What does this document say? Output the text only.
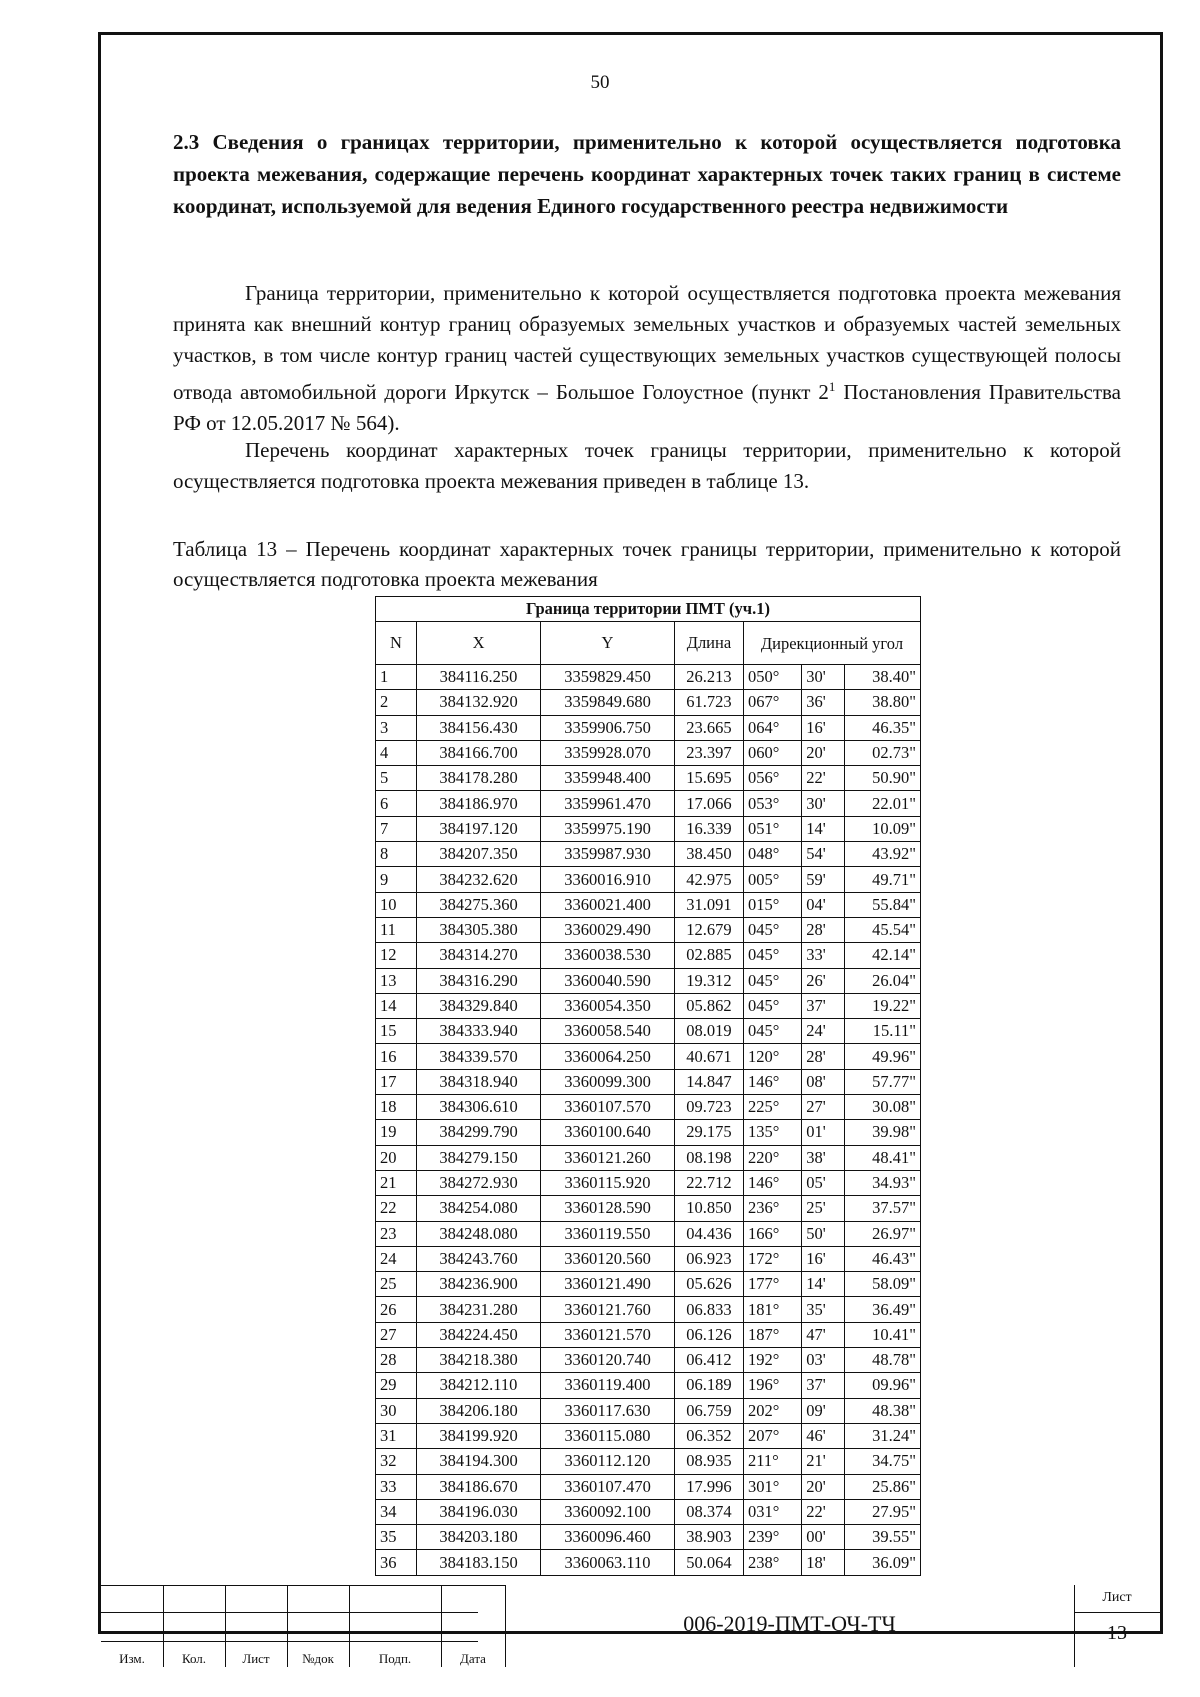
50
2.3 Сведения о границах территории, применительно к которой осуществляется подготовка проекта межевания, содержащие перечень координат характерных точек таких границ в системе координат, используемой для ведения Единого государственного реестра недвижимости
Граница территории, применительно к которой осуществляется подготовка проекта межевания принята как внешний контур границ образуемых земельных участков и образуемых частей земельных участков, в том числе контур границ частей существующих земельных участков существующей полосы отвода автомобильной дороги Иркутск – Большое Голоустное (пункт $2^1$ Постановления Правительства РФ от 12.05.2017 № 564).
Перечень координат характерных точек границы территории, применительно к которой осуществляется подготовка проекта межевания приведен в таблице 13.
Таблица 13 – Перечень координат характерных точек границы территории, применительно к которой осуществляется подготовка проекта межевания
Граница территории ПМТ (уч.1)						
N	X	Y	Длина	Дирекционный угол		
1	384116.250	3359829.450	26.213	050°	30'	38.40"
2	384132.920	3359849.680	61.723	067°	36'	38.80"
3	384156.430	3359906.750	23.665	064°	16'	46.35"
4	384166.700	3359928.070	23.397	060°	20'	02.73"
5	384178.280	3359948.400	15.695	056°	22'	50.90"
6	384186.970	3359961.470	17.066	053°	30'	22.01"
7	384197.120	3359975.190	16.339	051°	14'	10.09"
8	384207.350	3359987.930	38.450	048°	54'	43.92"
9	384232.620	3360016.910	42.975	005°	59'	49.71"
10	384275.360	3360021.400	31.091	015°	04'	55.84"
11	384305.380	3360029.490	12.679	045°	28'	45.54"
12	384314.270	3360038.530	02.885	045°	33'	42.14"
13	384316.290	3360040.590	19.312	045°	26'	26.04"
14	384329.840	3360054.350	05.862	045°	37'	19.22"
15	384333.940	3360058.540	08.019	045°	24'	15.11"
16	384339.570	3360064.250	40.671	120°	28'	49.96"
17	384318.940	3360099.300	14.847	146°	08'	57.77"
18	384306.610	3360107.570	09.723	225°	27'	30.08"
19	384299.790	3360100.640	29.175	135°	01'	39.98"
20	384279.150	3360121.260	08.198	220°	38'	48.41"
21	384272.930	3360115.920	22.712	146°	05'	34.93"
22	384254.080	3360128.590	10.850	236°	25'	37.57"
23	384248.080	3360119.550	04.436	166°	50'	26.97"
24	384243.760	3360120.560	06.923	172°	16'	46.43"
25	384236.900	3360121.490	05.626	177°	14'	58.09"
26	384231.280	3360121.760	06.833	181°	35'	36.49"
27	384224.450	3360121.570	06.126	187°	47'	10.41"
28	384218.380	3360120.740	06.412	192°	03'	48.78"
29	384212.110	3360119.400	06.189	196°	37'	09.96"
30	384206.180	3360117.630	06.759	202°	09'	48.38"
31	384199.920	3360115.080	06.352	207°	46'	31.24"
32	384194.300	3360112.120	08.935	211°	21'	34.75"
33	384186.670	3360107.470	17.996	301°	20'	25.86"
34	384196.030	3360092.100	08.374	031°	22'	27.95"
35	384203.180	3360096.460	38.903	239°	00'	39.55"
36	384183.150	3360063.110	50.064	238°	18'	36.09"
Изм.	Кол.	Лист	№док	Подп.	Дата
006-2019-ПМТ-ОЧ-ТЧ
Лист
13
